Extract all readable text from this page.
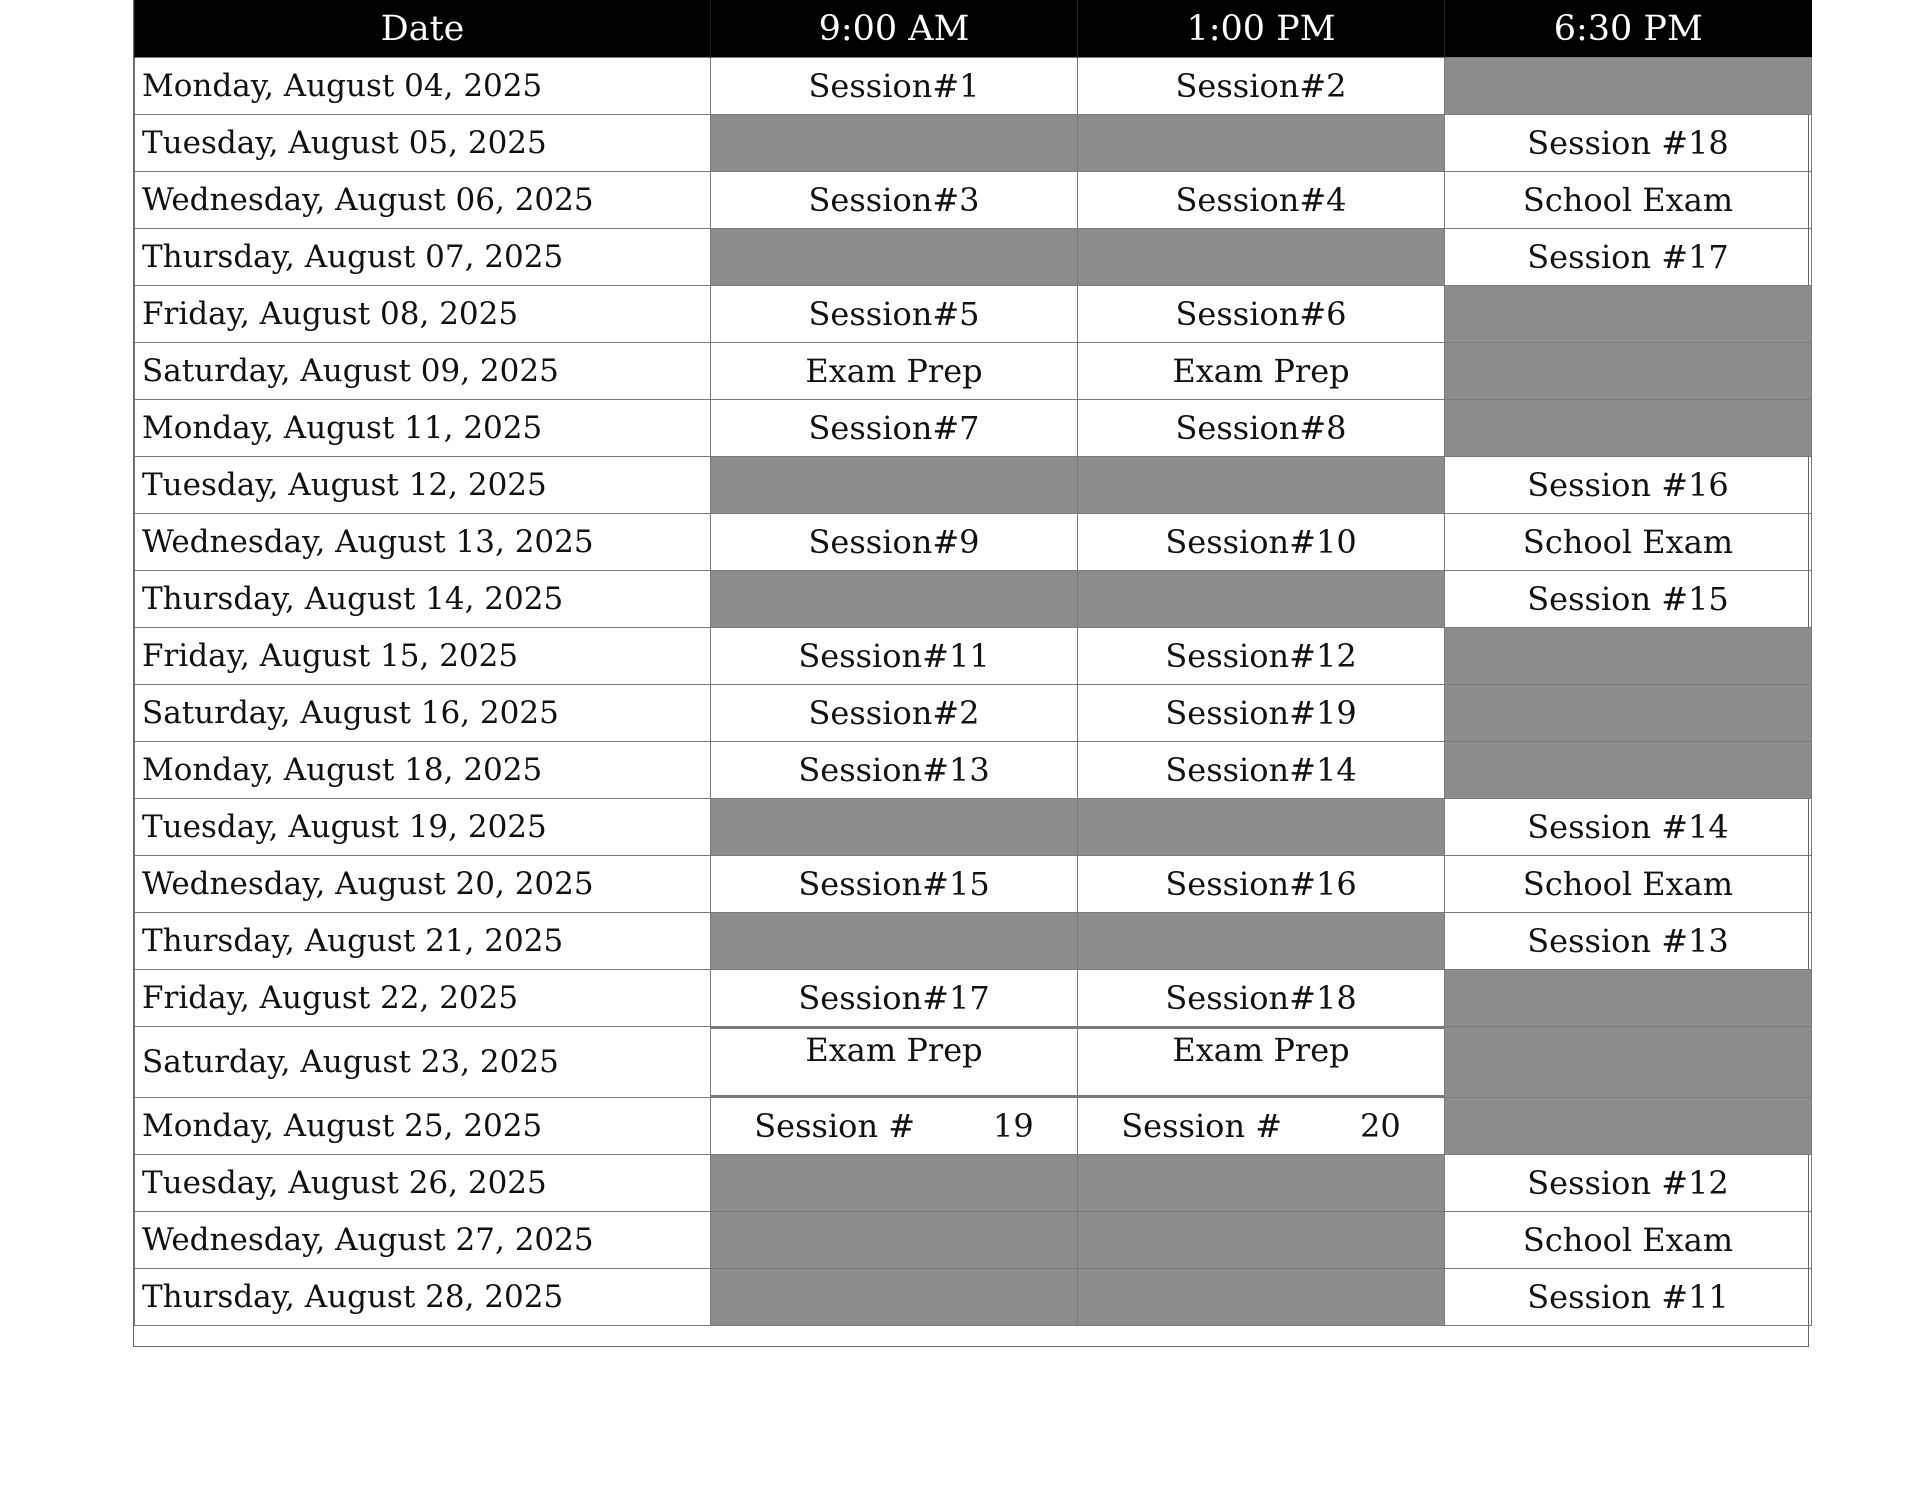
Date	9:00 AM	1:00 PM	6:30 PM
Monday, August 04, 2025	Session#1	Session#2	
Tuesday, August 05, 2025			Session #18
Wednesday, August 06, 2025	Session#3	Session#4	School Exam
Thursday, August 07, 2025			Session #17
Friday, August 08, 2025	Session#5	Session#6	
Saturday, August 09, 2025	Exam Prep	Exam Prep	
Monday, August 11, 2025	Session#7	Session#8	
Tuesday, August 12, 2025			Session #16
Wednesday, August 13, 2025	Session#9	Session#10	School Exam
Thursday, August 14, 2025			Session #15
Friday, August 15, 2025	Session#11	Session#12	
Saturday, August 16, 2025	Session#2	Session#19	
Monday, August 18, 2025	Session#13	Session#14	
Tuesday, August 19, 2025			Session #14
Wednesday, August 20, 2025	Session#15	Session#16	School Exam
Thursday, August 21, 2025			Session #13
Friday, August 22, 2025	Session#17	Session#18	
Saturday, August 23, 2025	Exam Prep	Exam Prep	
Monday, August 25, 2025	Session # 19	Session # 20	
Tuesday, August 26, 2025			Session #12
Wednesday, August 27, 2025			School Exam
Thursday, August 28, 2025			Session #11
